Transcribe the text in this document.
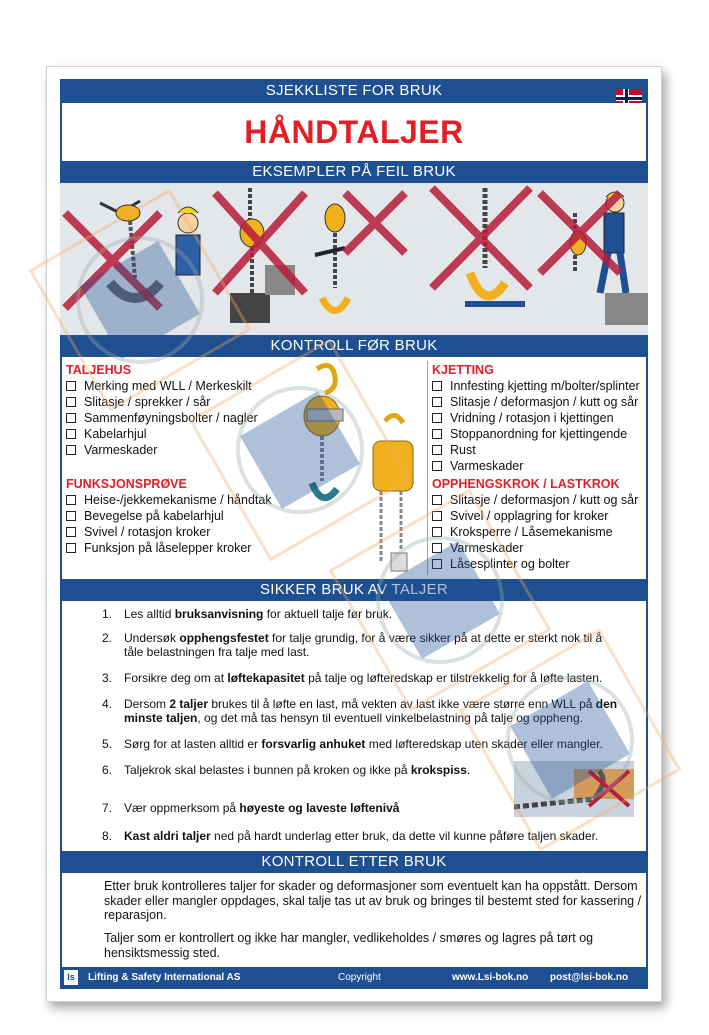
SJEKKLISTE FOR BRUK
HÅNDTALJER
EKSEMPLER PÅ FEIL BRUK
KONTROLL FØR BRUK
TALJEHUS
Merking med WLL / Merkeskilt
Slitasje / sprekker / sår
Sammenføyningsbolter / nagler
Kabelarhjul
Varmeskader
FUNKSJONSPRØVE
Heise-/jekkemekanisme / håndtak
Bevegelse på kabelarhjul
Svivel / rotasjon kroker
Funksjon på låselepper kroker
KJETTING
Innfesting kjetting m/bolter/splinter
Slitasje / deformasjon / kutt og sår
Vridning / rotasjon i kjettingen
Stoppanordning for kjettingende
Rust
Varmeskader
OPPHENGSKROK / LASTKROK
Slitasje / deformasjon / kutt og sår
Svivel / opplagring for kroker
Kroksperre / Låsemekanisme
Varmeskader
Låsesplinter og bolter
SIKKER BRUK AV TALJER
1. Les alltid bruksanvisning for aktuell talje før bruk.
2. Undersøk opphengsfestet for talje grundig, for å være sikker på at dette er sterkt nok til å tåle belastningen fra talje med last.
3. Forsikre deg om at løftekapasitet på talje og løfteredskap er tilstrekkelig for å løfte lasten.
4. Dersom 2 taljer brukes til å løfte en last, må vekten av last ikke være større enn WLL på den minste taljen, og det må tas hensyn til eventuell vinkelbelastning på talje og oppheng.
5. Sørg for at lasten alltid er forsvarlig anhuket med løfteredskap uten skader eller mangler.
6. Taljekrok skal belastes i bunnen på kroken og ikke på krokspiss.
7. Vær oppmerksom på høyeste og laveste løftenivå
8. Kast aldri taljer ned på hardt underlag etter bruk, da dette vil kunne påføre taljen skader.
KONTROLL ETTER BRUK
Etter bruk kontrolleres taljer for skader og deformasjoner som eventuelt kan ha oppstått. Dersom skader eller mangler oppdages, skal talje tas ut av bruk og bringes til bestemt sted for kassering / reparasjon.
Taljer som er kontrollert og ikke har mangler, vedlikeholdes / smøres og lagres på tørt og hensiktsmessig sted.
ls	Lifting & Safety International AS	Copyright	www.Lsi-bok.no post@lsi-bok.no
